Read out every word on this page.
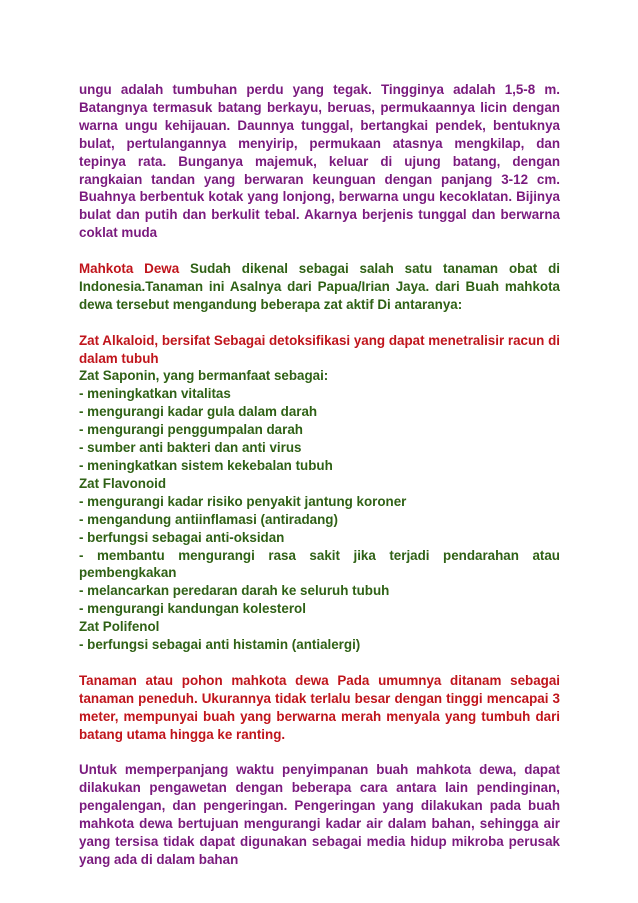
ungu adalah tumbuhan perdu yang tegak. Tingginya adalah 1,5-8 m. Batangnya termasuk batang berkayu, beruas, permukaannya licin dengan warna ungu kehijauan. Daunnya tunggal, bertangkai pendek, bentuknya bulat, pertulangannya menyirip, permukaan atasnya mengkilap, dan tepinya rata. Bunganya majemuk, keluar di ujung batang, dengan rangkaian tandan yang berwaran keunguan dengan panjang 3-12 cm. Buahnya berbentuk kotak yang lonjong, berwarna ungu kecoklatan. Bijinya bulat dan putih dan berkulit tebal. Akarnya berjenis tunggal dan berwarna coklat muda

Mahkota Dewa Sudah dikenal sebagai salah satu tanaman obat di Indonesia.Tanaman ini Asalnya dari Papua/Irian Jaya. dari Buah mahkota dewa tersebut mengandung beberapa zat aktif Di antaranya:

Zat Alkaloid, bersifat Sebagai detoksifikasi yang dapat menetralisir racun di dalam tubuh

Zat Saponin, yang bermanfaat sebagai:

- meningkatkan vitalitas

- mengurangi kadar gula dalam darah

- mengurangi penggumpalan darah

- sumber anti bakteri dan anti virus

- meningkatkan sistem kekebalan tubuh

Zat Flavonoid

- mengurangi kadar risiko penyakit jantung koroner

- mengandung antiinflamasi (antiradang)

- berfungsi sebagai anti-oksidan

- membantu mengurangi rasa sakit jika terjadi pendarahan atau pembengkakan

- melancarkan peredaran darah ke seluruh tubuh

- mengurangi kandungan kolesterol

Zat Polifenol

- berfungsi sebagai anti histamin (antialergi)

Tanaman atau pohon mahkota dewa Pada umumnya ditanam sebagai tanaman peneduh. Ukurannya tidak terlalu besar dengan tinggi mencapai 3 meter, mempunyai buah yang berwarna merah menyala yang tumbuh dari batang utama hingga ke ranting.

Untuk memperpanjang waktu penyimpanan buah mahkota dewa, dapat dilakukan pengawetan dengan beberapa cara antara lain pendinginan, pengalengan, dan pengeringan. Pengeringan yang dilakukan pada buah mahkota dewa bertujuan mengurangi kadar air dalam bahan, sehingga air yang tersisa tidak dapat digunakan sebagai media hidup mikroba perusak yang ada di dalam bahan
